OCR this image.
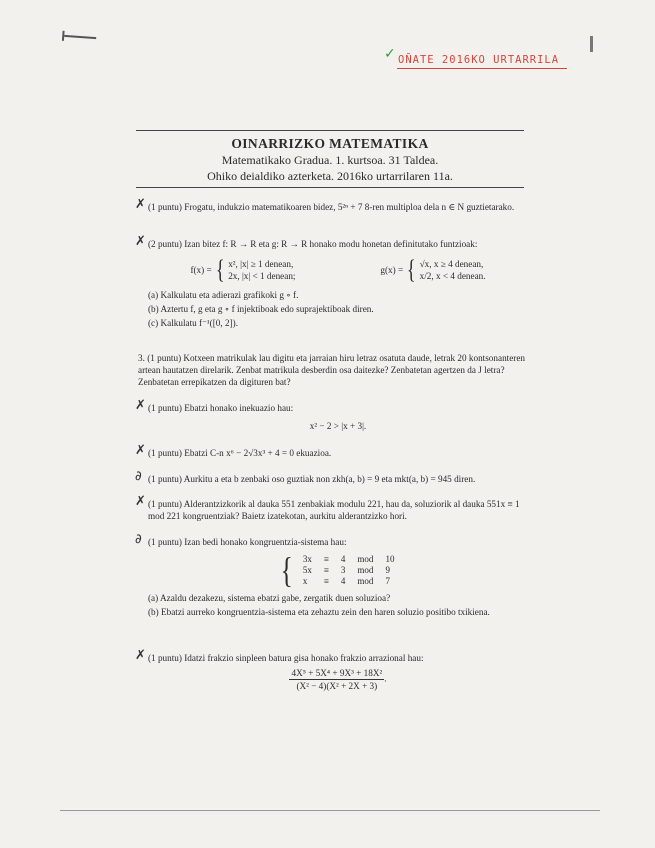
✓ OÑATE 2016KO URTARRILA
OINARRIZKO MATEMATIKA
Matematikako Gradua. 1. kurtsoa. 31 Taldea.
Ohiko deialdiko azterketa. 2016ko urtarrilaren 11a.
✗ (1 puntu) Frogatu, indukzio matematikoaren bidez, 5²ⁿ + 7 8-ren multiploa dela n ∈ N guztietarako.

✗ (2 puntu) Izan bitez f: R → R eta g: R → R honako modu honetan definitutako funtzioak:

f(x) = { x², |x| ≥ 1 denean,
2x, |x| < 1 denean;
g(x) = { √x, x ≥ 4 denean,
x/2, x < 4 denean.
(a) Kalkulatu eta adierazi grafikoki g ∘ f.
(b) Aztertu f, g eta g ∘ f injektiboak edo suprajektiboak diren.
(c) Kalkulatu f⁻¹([0, 2]).

3. (1 puntu) Kotxeen matrikulak lau digitu eta jarraian hiru letraz osatuta daude, letrak 20 kontsonanteren artean hautatzen direlarik. Zenbat matrikula desberdin osa daitezke? Zenbatetan agertzen da J letra? Zenbatetan errepikatzen da digituren bat?

✗ (1 puntu) Ebatzi honako inekuazio hau:

x² − 2 > |x + 3|.

✗ (1 puntu) Ebatzi C-n x⁶ − 2√3x³ + 4 = 0 ekuazioa.

∂ (1 puntu) Aurkitu a eta b zenbaki oso guztiak non zkh(a, b) = 9 eta mkt(a, b) = 945 diren.

✗ (1 puntu) Alderantzizkorik al dauka 551 zenbakiak modulu 221, hau da, soluziorik al dauka 551x ≡ 1 mod 221 kongruentziak? Baietz izatekotan, aurkitu alderantzizko hori.

∂ (1 puntu) Izan bedi honako kongruentzia-sistema hau:

{ 3x	≡	4	mod	10
5x	≡	3	mod	9
x	≡	4	mod	7
(a) Azaldu dezakezu, sistema ebatzi gabe, zergatik duen soluzioa?
(b) Ebatzi aurreko kongruentzia-sistema eta zehaztu zein den haren soluzio positibo txikiena.
✗ (1 puntu) Idatzi frakzio sinpleen batura gisa honako frakzio arrazional hau:

$\frac{\text{4X⁵ + 5X⁴ + 9X³ + 18X²}}{\text{(X² − 4)(X² + 2X + 3)}}$ .
